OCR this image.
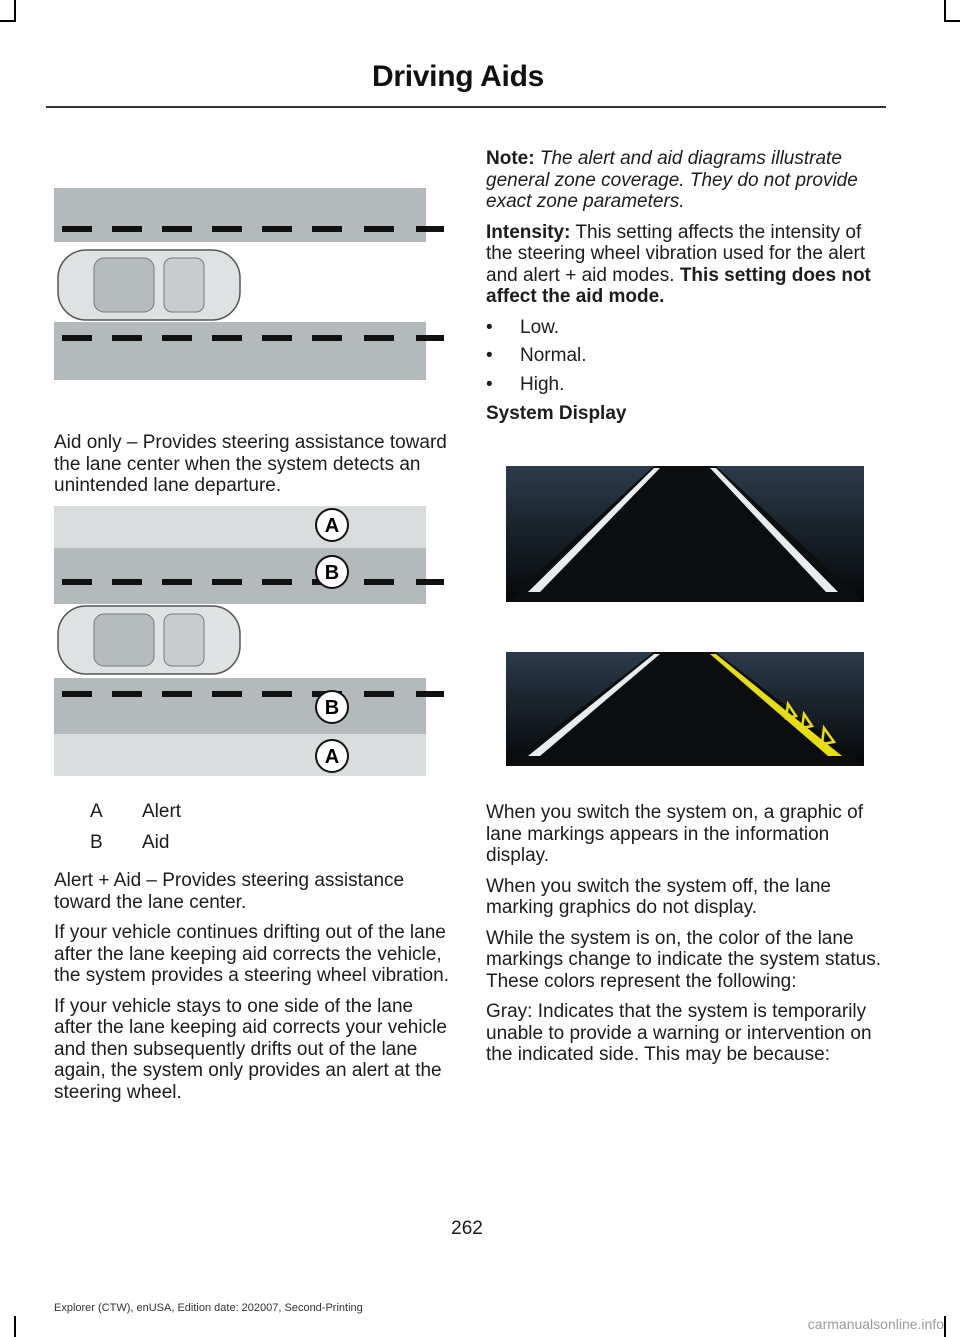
Driving Aids

Aid only – Provides steering assistance toward the lane center when the system detects an unintended lane departure.

A
B
B
A
A	Alert
B	Aid

Alert + Aid – Provides steering assistance toward the lane center.

If your vehicle continues drifting out of the lane after the lane keeping aid corrects the vehicle, the system provides a steering wheel vibration.

If your vehicle stays to one side of the lane after the lane keeping aid corrects your vehicle and then subsequently drifts out of the lane again, the system only provides an alert at the steering wheel.

Note: The alert and aid diagrams illustrate general zone coverage. They do not provide exact zone parameters.

Intensity: This setting affects the intensity of the steering wheel vibration used for the alert and alert + aid modes. This setting does not affect the aid mode.

• Low.
• Normal.
• High.

System Display

When you switch the system on, a graphic of lane markings appears in the information display.

When you switch the system off, the lane marking graphics do not display.

While the system is on, the color of the lane markings change to indicate the system status. These colors represent the following:

Gray: Indicates that the system is temporarily unable to provide a warning or intervention on the indicated side. This may be because:

262
Explorer (CTW), enUSA, Edition date: 202007, Second-Printing
carmanualsonline.info
